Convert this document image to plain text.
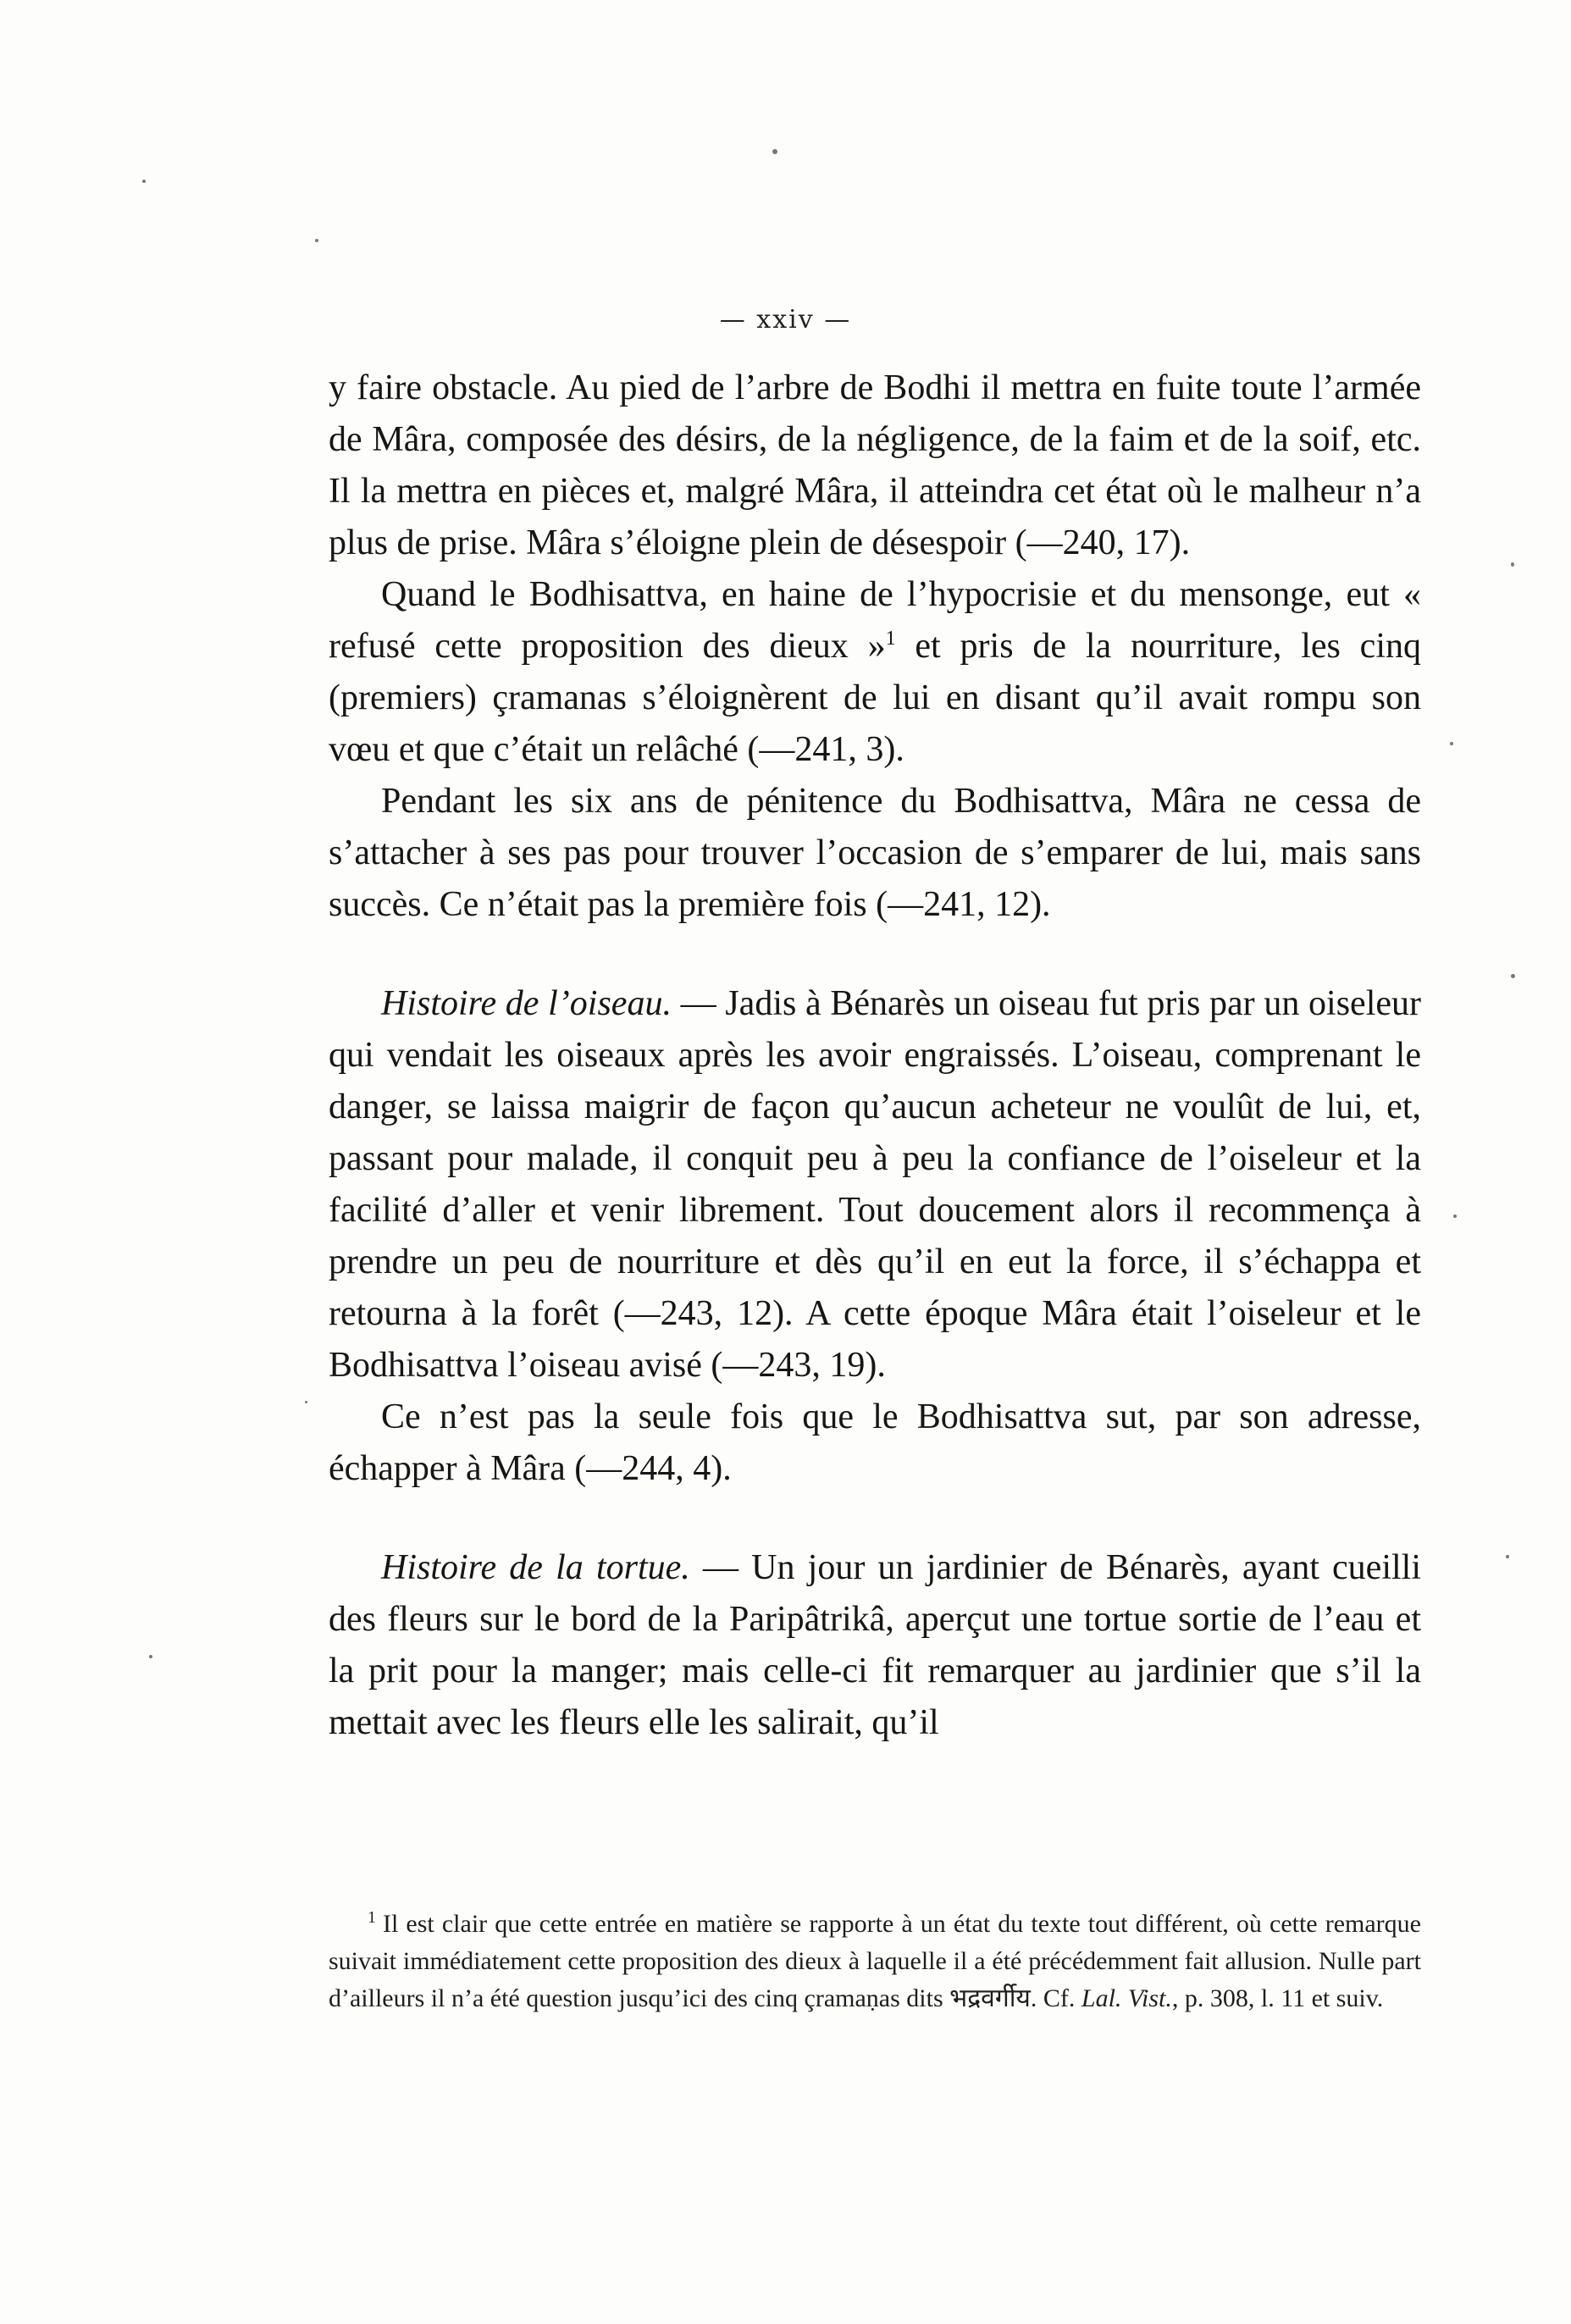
— xxiv —

y faire obstacle. Au pied de l’arbre de Bodhi il mettra en fuite toute l’armée de Mâra, composée des désirs, de la négligence, de la faim et de la soif, etc. Il la mettra en pièces et, malgré Mâra, il atteindra cet état où le malheur n’a plus de prise. Mâra s’éloigne plein de désespoir (—240, 17).

Quand le Bodhisattva, en haine de l’hypocrisie et du mensonge, eut « refusé cette proposition des dieux »$^1$ et pris de la nourriture, les cinq (premiers) çramanas s’éloignèrent de lui en disant qu’il avait rompu son vœu et que c’était un relâché (—241, 3).

Pendant les six ans de pénitence du Bodhisattva, Mâra ne cessa de s’attacher à ses pas pour trouver l’occasion de s’emparer de lui, mais sans succès. Ce n’était pas la première fois (—241, 12).

Histoire de l’oiseau. — Jadis à Bénarès un oiseau fut pris par un oiseleur qui vendait les oiseaux après les avoir engraissés. L’oiseau, comprenant le danger, se laissa maigrir de façon qu’aucun acheteur ne voulût de lui, et, passant pour malade, il conquit peu à peu la confiance de l’oiseleur et la facilité d’aller et venir librement. Tout doucement alors il recommença à prendre un peu de nourriture et dès qu’il en eut la force, il s’échappa et retourna à la forêt (—243, 12). A cette époque Mâra était l’oiseleur et le Bodhisattva l’oiseau avisé (—243, 19).

Ce n’est pas la seule fois que le Bodhisattva sut, par son adresse, échapper à Mâra (—244, 4).

Histoire de la tortue. — Un jour un jardinier de Bénarès, ayant cueilli des fleurs sur le bord de la Paripâtrikâ, aperçut une tortue sortie de l’eau et la prit pour la manger; mais celle-ci fit remarquer au jardinier que s’il la mettait avec les fleurs elle les salirait, qu’il

$^1$ Il est clair que cette entrée en matière se rapporte à un état du texte tout différent, où cette remarque suivait immédiatement cette proposition des dieux à laquelle il a été précédemment fait allusion. Nulle part d’ailleurs il n’a été question jusqu’ici des cinq çramaṇas dits भद्रवर्गीय. Cf. Lal. Vist., p. 308, l. 11 et suiv.
